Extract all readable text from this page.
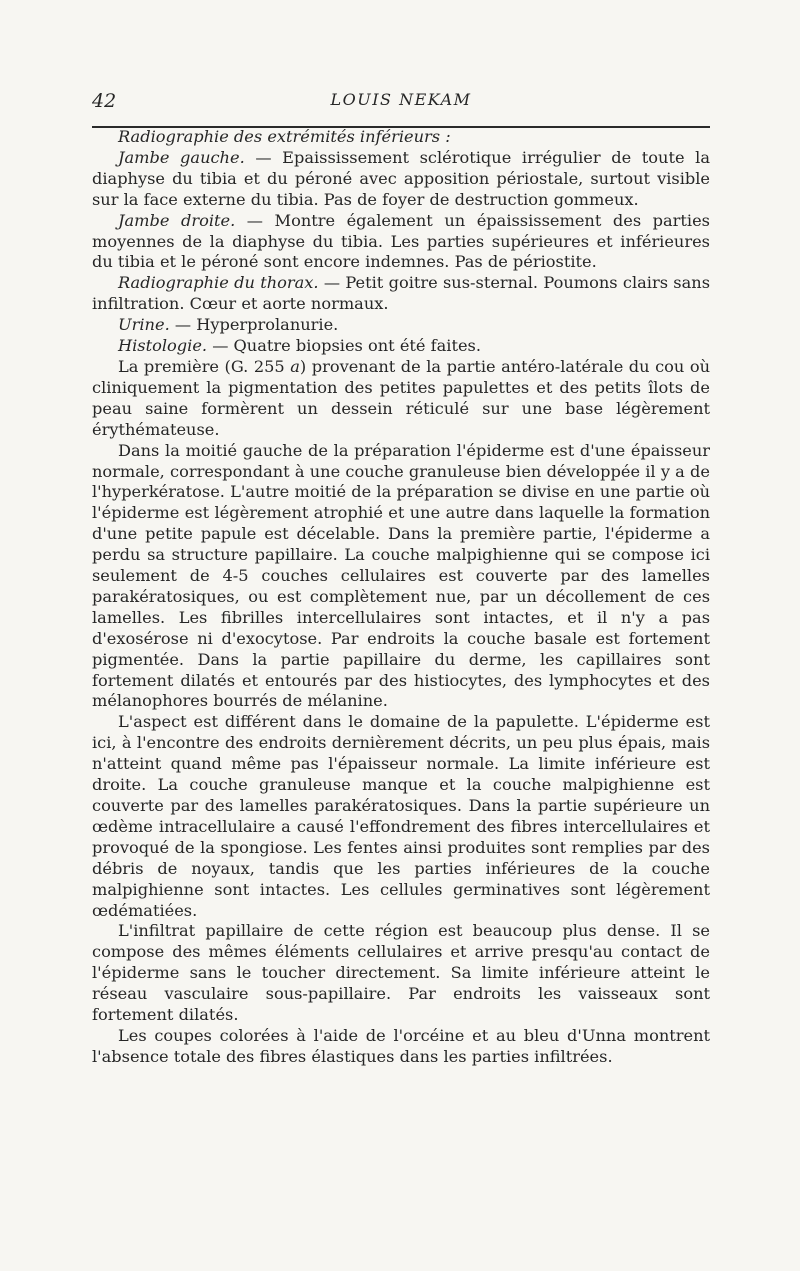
42	LOUIS NEKAM

Radiographie des extrémités inférieurs :

Jambe gauche. — Epaississement sclérotique irrégulier de toute la diaphyse du tibia et du péroné avec apposition périostale, surtout visible sur la face externe du tibia. Pas de foyer de destruction gommeux.

Jambe droite. — Montre également un épaississement des parties moyennes de la diaphyse du tibia. Les parties supérieures et inférieures du tibia et le péroné sont encore indemnes. Pas de périostite.

Radiographie du thorax. — Petit goitre sus-sternal. Poumons clairs sans infiltration. Cœur et aorte normaux.

Urine. — Hyperprolanurie.

Histologie. — Quatre biopsies ont été faites.

La première (G. 255 a) provenant de la partie antéro-latérale du cou où cliniquement la pigmentation des petites papulettes et des petits îlots de peau saine formèrent un dessein réticulé sur une base légèrement érythémateuse.

Dans la moitié gauche de la préparation l'épiderme est d'une épaisseur normale, correspondant à une couche granuleuse bien développée il y a de l'hyperkératose. L'autre moitié de la préparation se divise en une partie où l'épiderme est légèrement atrophié et une autre dans laquelle la formation d'une petite papule est décelable. Dans la première partie, l'épiderme a perdu sa structure papillaire. La couche malpighienne qui se compose ici seulement de 4-5 couches cellulaires est couverte par des lamelles parakératosiques, ou est complètement nue, par un décollement de ces lamelles. Les fibrilles intercellulaires sont intactes, et il n'y a pas d'exosérose ni d'exocytose. Par endroits la couche basale est fortement pigmentée. Dans la partie papillaire du derme, les capillaires sont fortement dilatés et entourés par des histiocytes, des lymphocytes et des mélanophores bourrés de mélanine.

L'aspect est différent dans le domaine de la papulette. L'épiderme est ici, à l'encontre des endroits dernièrement décrits, un peu plus épais, mais n'atteint quand même pas l'épaisseur normale. La limite inférieure est droite. La couche granuleuse manque et la couche malpighienne est couverte par des lamelles parakératosiques. Dans la partie supérieure un œdème intracellulaire a causé l'effondrement des fibres intercellulaires et provoqué de la spongiose. Les fentes ainsi produites sont remplies par des débris de noyaux, tandis que les parties inférieures de la couche malpighienne sont intactes. Les cellules germinatives sont légèrement œdématiées.

L'infiltrat papillaire de cette région est beaucoup plus dense. Il se compose des mêmes éléments cellulaires et arrive presqu'au contact de l'épiderme sans le toucher directement. Sa limite inférieure atteint le réseau vasculaire sous-papillaire. Par endroits les vaisseaux sont fortement dilatés.

Les coupes colorées à l'aide de l'orcéine et au bleu d'Unna montrent l'absence totale des fibres élastiques dans les parties infiltrées.
